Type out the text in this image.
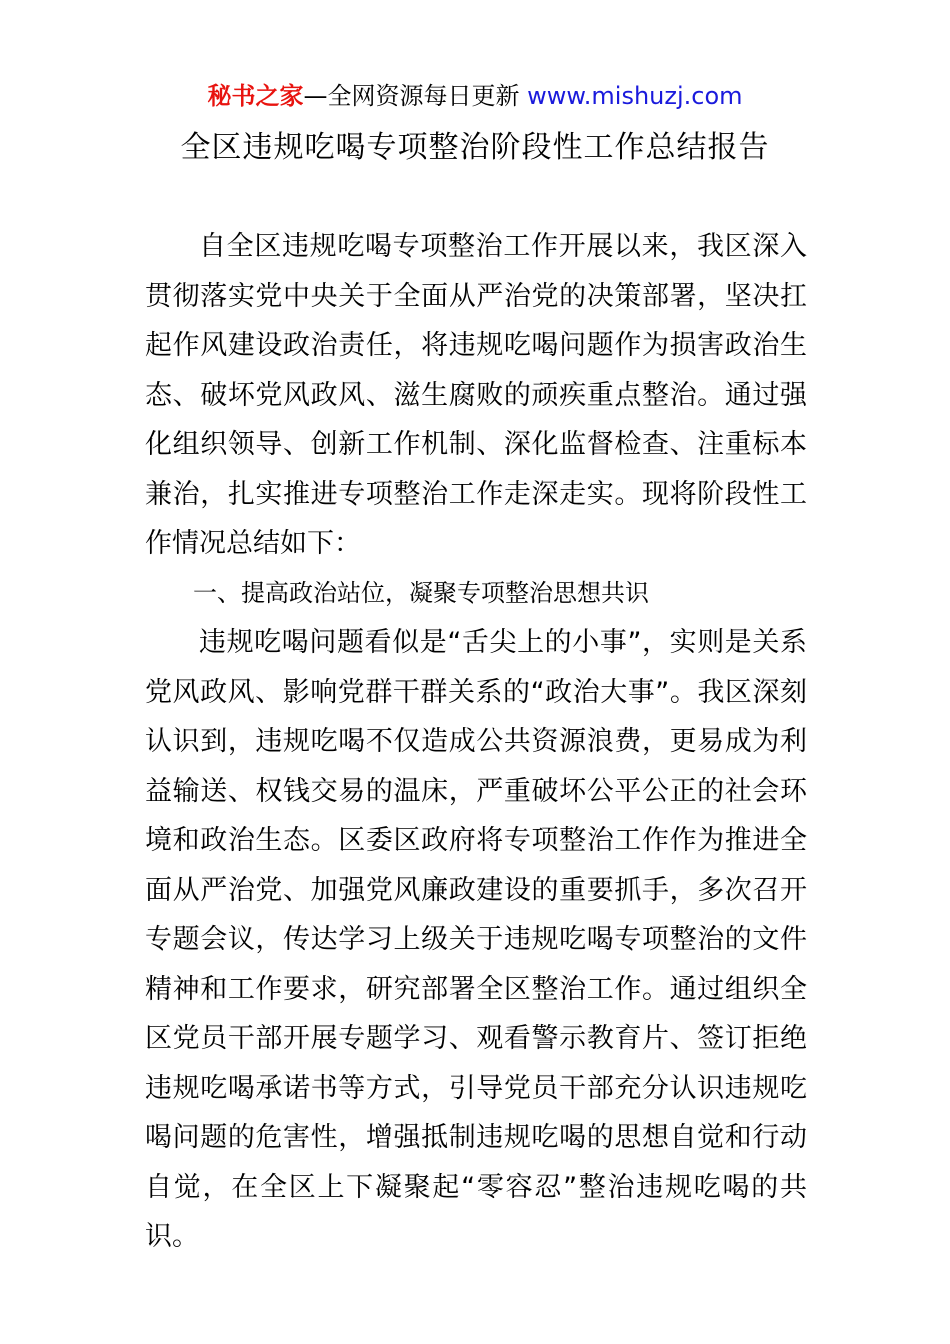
秘书之家—全网资源每日更新 www.mishuzj.com
全区违规吃喝专项整治阶段性工作总结报告

自全区违规吃喝专项整治工作开展以来，我区深入贯彻落实党中央关于全面从严治党的决策部署，坚决扛起作风建设政治责任，将违规吃喝问题作为损害政治生态、破坏党风政风、滋生腐败的顽疾重点整治。通过强化组织领导、创新工作机制、深化监督检查、注重标本兼治，扎实推进专项整治工作走深走实。现将阶段性工作情况总结如下：

一、提高政治站位，凝聚专项整治思想共识

违规吃喝问题看似是“舌尖上的小事”，实则是关系党风政风、影响党群干群关系的“政治大事”。我区深刻认识到，违规吃喝不仅造成公共资源浪费，更易成为利益输送、权钱交易的温床，严重破坏公平公正的社会环境和政治生态。区委区政府将专项整治工作作为推进全面从严治党、加强党风廉政建设的重要抓手，多次召开专题会议，传达学习上级关于违规吃喝专项整治的文件精神和工作要求，研究部署全区整治工作。通过组织全区党员干部开展专题学习、观看警示教育片、签订拒绝违规吃喝承诺书等方式，引导党员干部充分认识违规吃喝问题的危害性，增强抵制违规吃喝的思想自觉和行动自觉，在全区上下凝聚起“零容忍”整治违规吃喝的共识。
